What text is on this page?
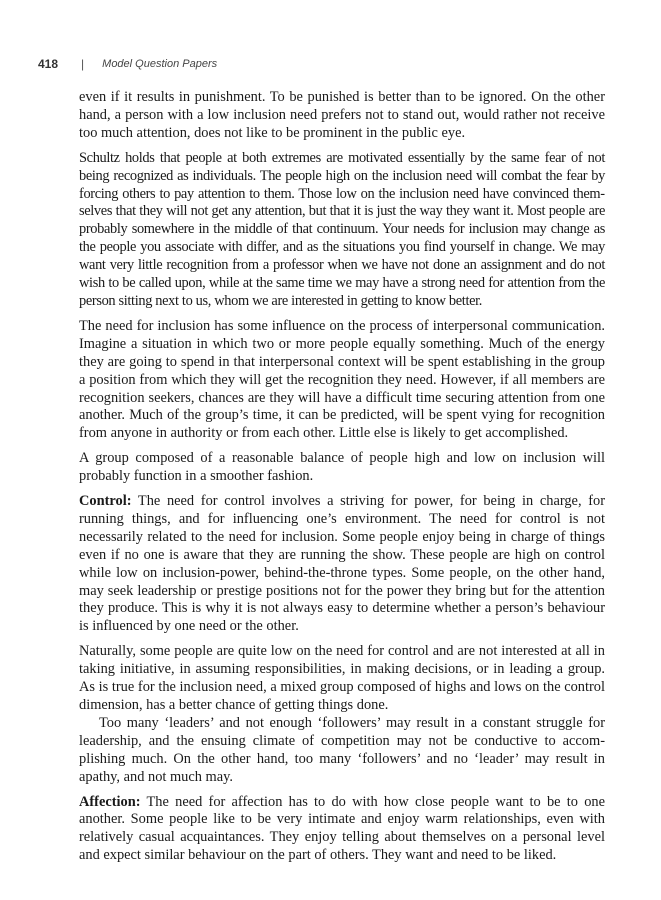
418 | Model Question Papers

even if it results in punishment. To be punished is better than to be ignored. On the other hand, a person with a low inclusion need prefers not to stand out, would rather not receive too much attention, does not like to be prominent in the public eye.

Schultz holds that people at both extremes are motivated essentially by the same fear of not being recognized as individuals. The people high on the inclusion need will combat the fear by forcing others to pay attention to them. Those low on the inclusion need have convinced themselves that they will not get any attention, but that it is just the way they want it. Most people are probably somewhere in the middle of that continuum. Your needs for inclusion may change as the people you associate with differ, and as the situations you find yourself in change. We may want very little recognition from a professor when we have not done an assignment and do not wish to be called upon, while at the same time we may have a strong need for attention from the person sitting next to us, whom we are interested in getting to know better.

The need for inclusion has some influence on the process of interpersonal communication. Imagine a situation in which two or more people equally something. Much of the energy they are going to spend in that interpersonal context will be spent establishing in the group a position from which they will get the recognition they need. However, if all members are recognition seekers, chances are they will have a difficult time securing attention from one another. Much of the group’s time, it can be predicted, will be spent vying for recognition from anyone in authority or from each other. Little else is likely to get accomplished.

A group composed of a reasonable balance of people high and low on inclusion will probably function in a smoother fashion.

Control: The need for control involves a striving for power, for being in charge, for running things, and for influencing one’s environment. The need for control is not necessarily related to the need for inclusion. Some people enjoy being in charge of things even if no one is aware that they are running the show. These people are high on control while low on inclusion-power, behind-the-throne types. Some people, on the other hand, may seek leadership or prestige positions not for the power they bring but for the attention they produce. This is why it is not always easy to determine whether a person’s behaviour is influenced by one need or the other.

Naturally, some people are quite low on the need for control and are not interested at all in taking initiative, in assuming responsibilities, in making decisions, or in leading a group. As is true for the inclusion need, a mixed group composed of highs and lows on the control dimension, has a better chance of getting things done.

Too many ‘leaders’ and not enough ‘followers’ may result in a constant struggle for leadership, and the ensuing climate of competition may not be conductive to accomplishing much. On the other hand, too many ‘followers’ and no ‘leader’ may result in apathy, and not much may.

Affection: The need for affection has to do with how close people want to be to one another. Some people like to be very intimate and enjoy warm relationships, even with relatively casual acquaintances. They enjoy telling about themselves on a personal level and expect similar behaviour on the part of others. They want and need to be liked.
